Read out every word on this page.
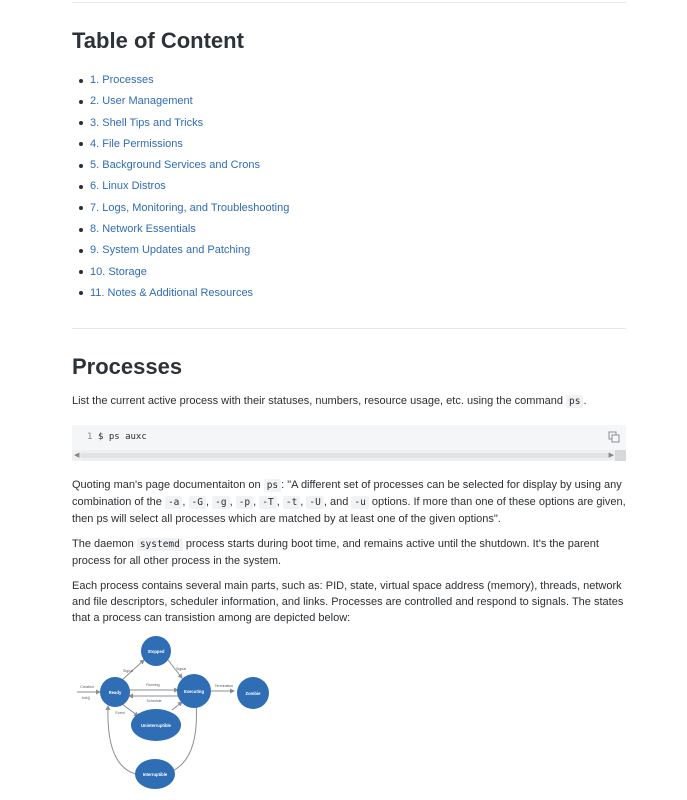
Table of Content
1. Processes
2. User Management
3. Shell Tips and Tricks
4. File Permissions
5. Background Services and Crons
6. Linux Distros
7. Logs, Monitoring, and Troubleshooting
8. Network Essentials
9. System Updates and Patching
10. Storage
11. Notes & Additional Resources
Processes

List the current active process with their statuses, numbers, resource usage, etc. using the command ps .

1 $ ps auxc
◀	▶

Quoting man's page documentaiton on ps : "A different set of processes can be selected for display by using any combination of the -a , -G , -g , -p , -T , -t , -U , and -u options. If more than one of these options are given, then ps will select all processes which are matched by at least one of the given options".

The daemon systemd process starts during boot time, and remains active until the shutdown. It's the parent process for all other process in the system.

Each process contains several main parts, such as: PID, state, virtual space address (memory), threads, network and file descriptors, scheduler information, and links. Processes are controlled and respond to signals. The states that a process can transistion among are depicted below:

Stopped
Ready	Executing	Zombie
Uninterruptible
Interruptible
Creation
fork()
Signal	Signal
Running
Schedule
Termination
Event
